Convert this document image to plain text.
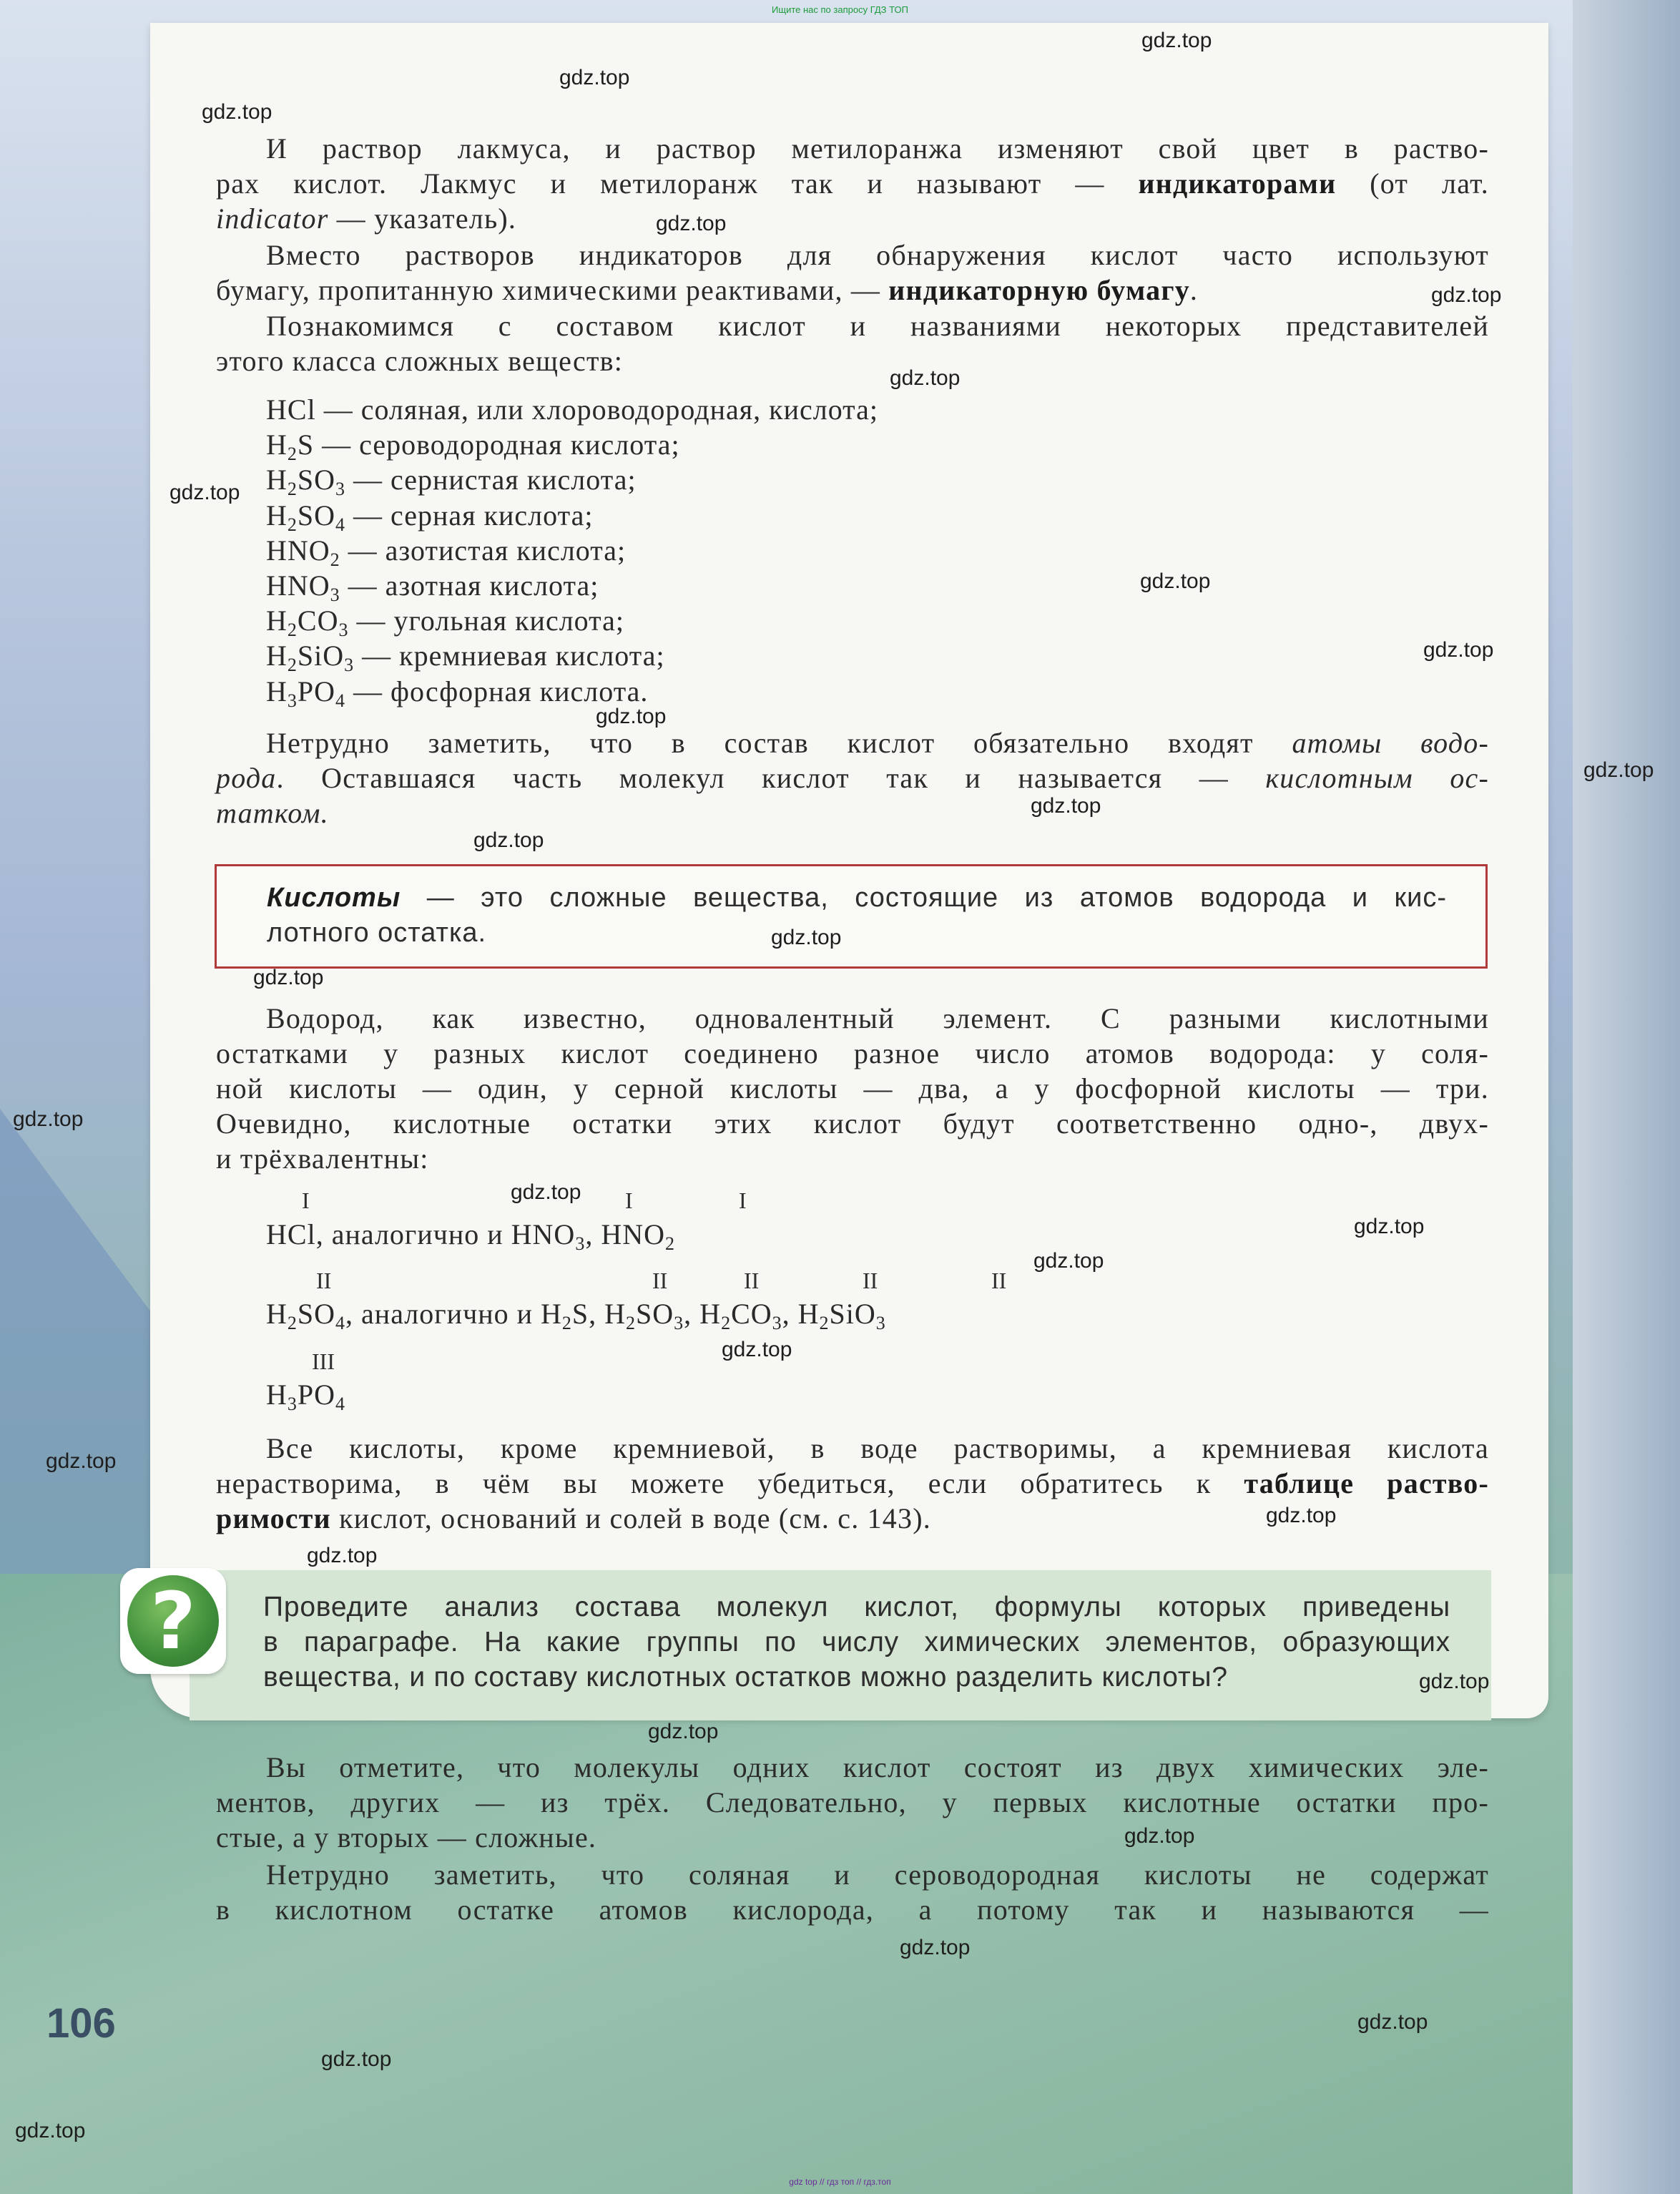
Ищите нас по запросу ГДЗ ТОП
И раствор лакмуса, и раствор метилоранжа изменяют свой цвет в раство-
рах кислот. Лакмус и метилоранж так и называют — индикаторами (от лат.
indicator — указатель).
Вместо растворов индикаторов для обнаружения кислот часто используют
бумагу, пропитанную химическими реактивами, — индикаторную бумагу.
Познакомимся с составом кислот и названиями некоторых представителей
этого класса сложных веществ:
HCl — соляная, или хлороводородная, кислота;
$H_2S$ — сероводородная кислота;
$H_2SO_3$ — сернистая кислота;
$H_2SO_4$ — серная кислота;
$HNO_2$ — азотистая кислота;
$HNO_3$ — азотная кислота;
$H_2CO_3$ — угольная кислота;
$H_2SiO_3$ — кремниевая кислота;
$H_3PO_4$ — фосфорная кислота.
Нетрудно заметить, что в состав кислот обязательно входят атомы водо-
рода. Оставшаяся часть молекул кислот так и называется — кислотным ос-
татком.
Кислоты — это сложные вещества, состоящие из атомов водорода и кис-
лотного остатка.
Водород, как известно, одновалентный элемент. С разными кислотными
остатками у разных кислот соединено разное число атомов водорода: у соля-
ной кислоты — один, у серной кислоты — два, а у фосфорной кислоты — три.
Очевидно, кислотные остатки этих кислот будут соответственно одно-, двух-
и трёхвалентны:
I	I	I
HCl, аналогично и $HNO_3$, $HNO_2$
II	II	II	II	II
$H_2SO_4$, аналогично и $H_2S$, $H_2SO_3$, $H_2CO_3$, $H_2SiO_3$
III
$H_3PO_4$
Все кислоты, кроме кремниевой, в воде растворимы, а кремниевая кислота
нерастворима, в чём вы можете убедиться, если обратитесь к таблице раство-
римости кислот, оснований и солей в воде (см. с. 143).
?	Проведите анализ состава молекул кислот, формулы которых приведены
в параграфе. На какие группы по числу химических элементов, образующих
вещества, и по составу кислотных остатков можно разделить кислоты?
Вы отметите, что молекулы одних кислот состоят из двух химических эле-
ментов, других — из трёх. Следовательно, у первых кислотные остатки про-
стые, а у вторых — сложные.
Нетрудно заметить, что соляная и сероводородная кислоты не содержат
в кислотном остатке атомов кислорода, а потому так и называются —
106
gdz.top
gdz.top
gdz.top
gdz.top
gdz.top
gdz.top
gdz.top
gdz.top
gdz.top
gdz.top
gdz.top
gdz.top
gdz.top
gdz.top
gdz.top
gdz.top
gdz.top
gdz.top
gdz.top
gdz.top
gdz.top
gdz.top
gdz.top
gdz.top
gdz.top
gdz.top
gdz.top
gdz.top
gdz.top
gdz.top
gdz top // гдз топ // гдз.топ
